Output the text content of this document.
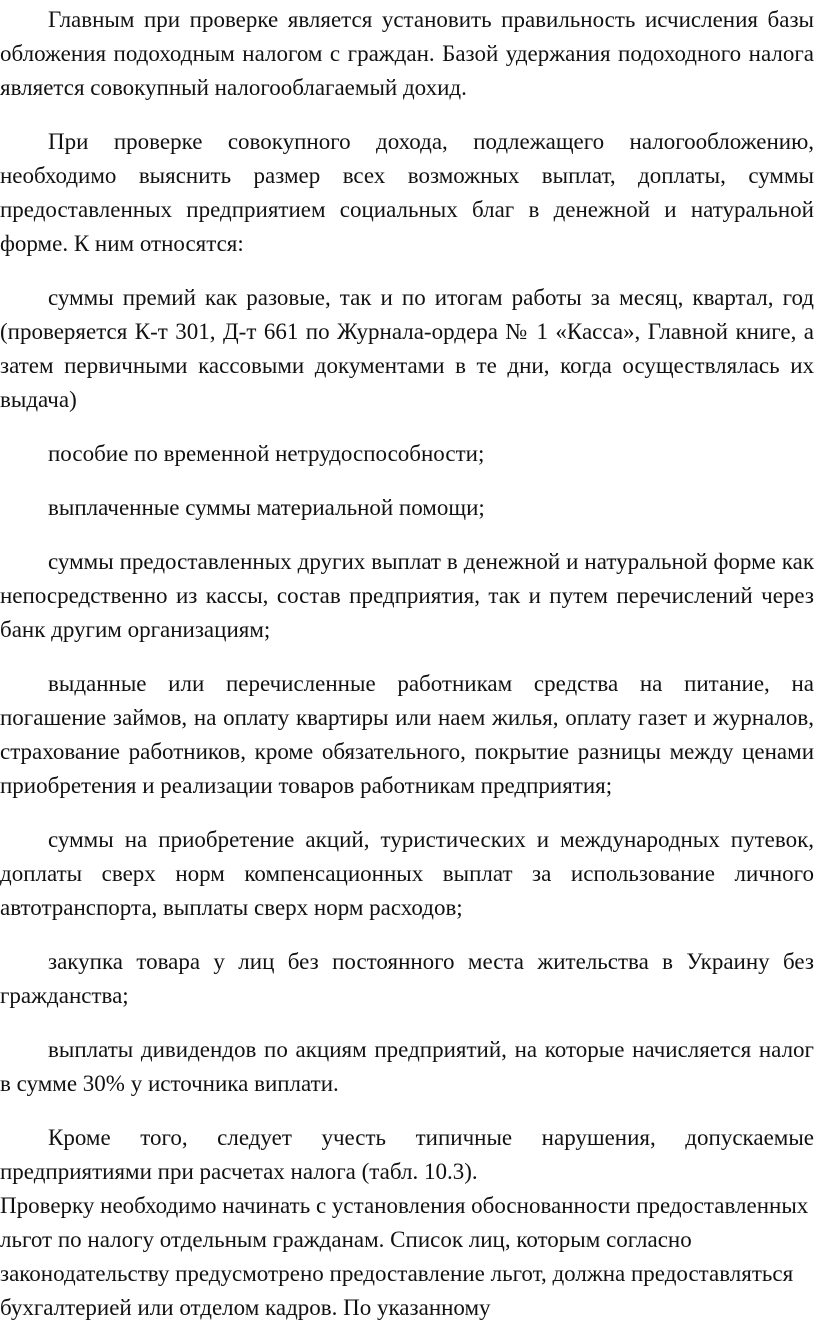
Главным при проверке является установить правильность исчисления базы обложения подоходным налогом с граждан. Базой удержания подоходного налога является совокупный налогооблагаемый дохид.

При проверке совокупного дохода, подлежащего налогообложению, необходимо выяснить размер всех возможных выплат, доплаты, суммы предоставленных предприятием социальных благ в денежной и натуральной форме. К ним относятся:

суммы премий как разовые, так и по итогам работы за месяц, квартал, год (проверяется К-т 301, Д-т 661 по Журнала-ордера № 1 «Касса», Главной книге, а затем первичными кассовыми документами в те дни, когда осуществлялась их выдача)

пособие по временной нетрудоспособности;

выплаченные суммы материальной помощи;

суммы предоставленных других выплат в денежной и натуральной форме как непосредственно из кассы, состав предприятия, так и путем перечислений через банк другим организациям;

выданные или перечисленные работникам средства на питание, на погашение займов, на оплату квартиры или наем жилья, оплату газет и журналов, страхование работников, кроме обязательного, покрытие разницы между ценами приобретения и реализации товаров работникам предприятия;

суммы на приобретение акций, туристических и международных путевок, доплаты сверх норм компенсационных выплат за использование личного автотранспорта, выплаты сверх норм расходов;

закупка товара у лиц без постоянного места жительства в Украину без гражданства;

выплаты дивидендов по акциям предприятий, на которые начисляется налог в сумме 30% у источника виплати.

Кроме того, следует учесть типичные нарушения, допускаемые предприятиями при расчетах налога (табл. 10.3).

Проверку необходимо начинать с установления обоснованности предоставленных льгот по налогу отдельным гражданам. Список лиц, которым согласно законодательству предусмотрено предоставление льгот, должна предоставляться бухгалтерией или отделом кадров. По указанному
